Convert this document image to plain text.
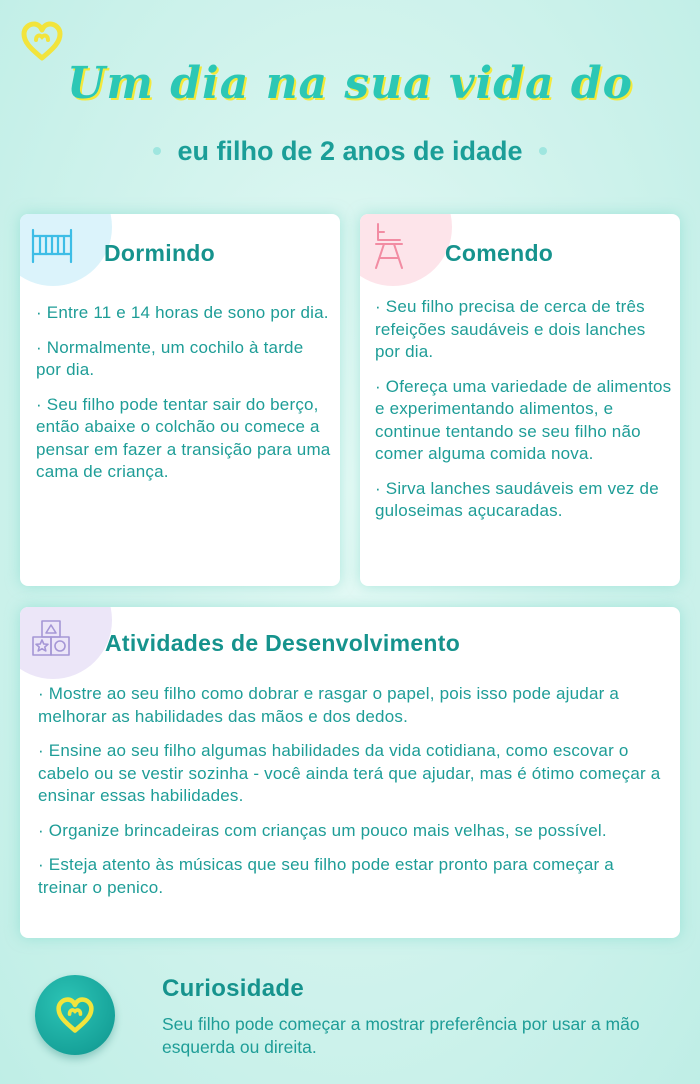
Um dia na sua vida do
eu filho de 2 anos de idade
Dormindo

· Entre 11 e 14 horas de sono por dia.

· Normalmente, um cochilo à tarde por dia.

· Seu filho pode tentar sair do berço, então abaixe o colchão ou comece a pensar em fazer a transição para uma cama de criança.

Comendo

· Seu filho precisa de cerca de três refeições saudáveis e dois lanches por dia.

· Ofereça uma variedade de alimentos e experimentando alimentos, e continue tentando se seu filho não comer alguma comida nova.

· Sirva lanches saudáveis em vez de guloseimas açucaradas.

Atividades de Desenvolvimento

· Mostre ao seu filho como dobrar e rasgar o papel, pois isso pode ajudar a melhorar as habilidades das mãos e dos dedos.

· Ensine ao seu filho algumas habilidades da vida cotidiana, como escovar o cabelo ou se vestir sozinha - você ainda terá que ajudar, mas é ótimo começar a ensinar essas habilidades.

· Organize brincadeiras com crianças um pouco mais velhas, se possível.

· Esteja atento às músicas que seu filho pode estar pronto para começar a treinar o penico.

Curiosidade
Seu filho pode começar a mostrar preferência por usar a mão esquerda ou direita.
